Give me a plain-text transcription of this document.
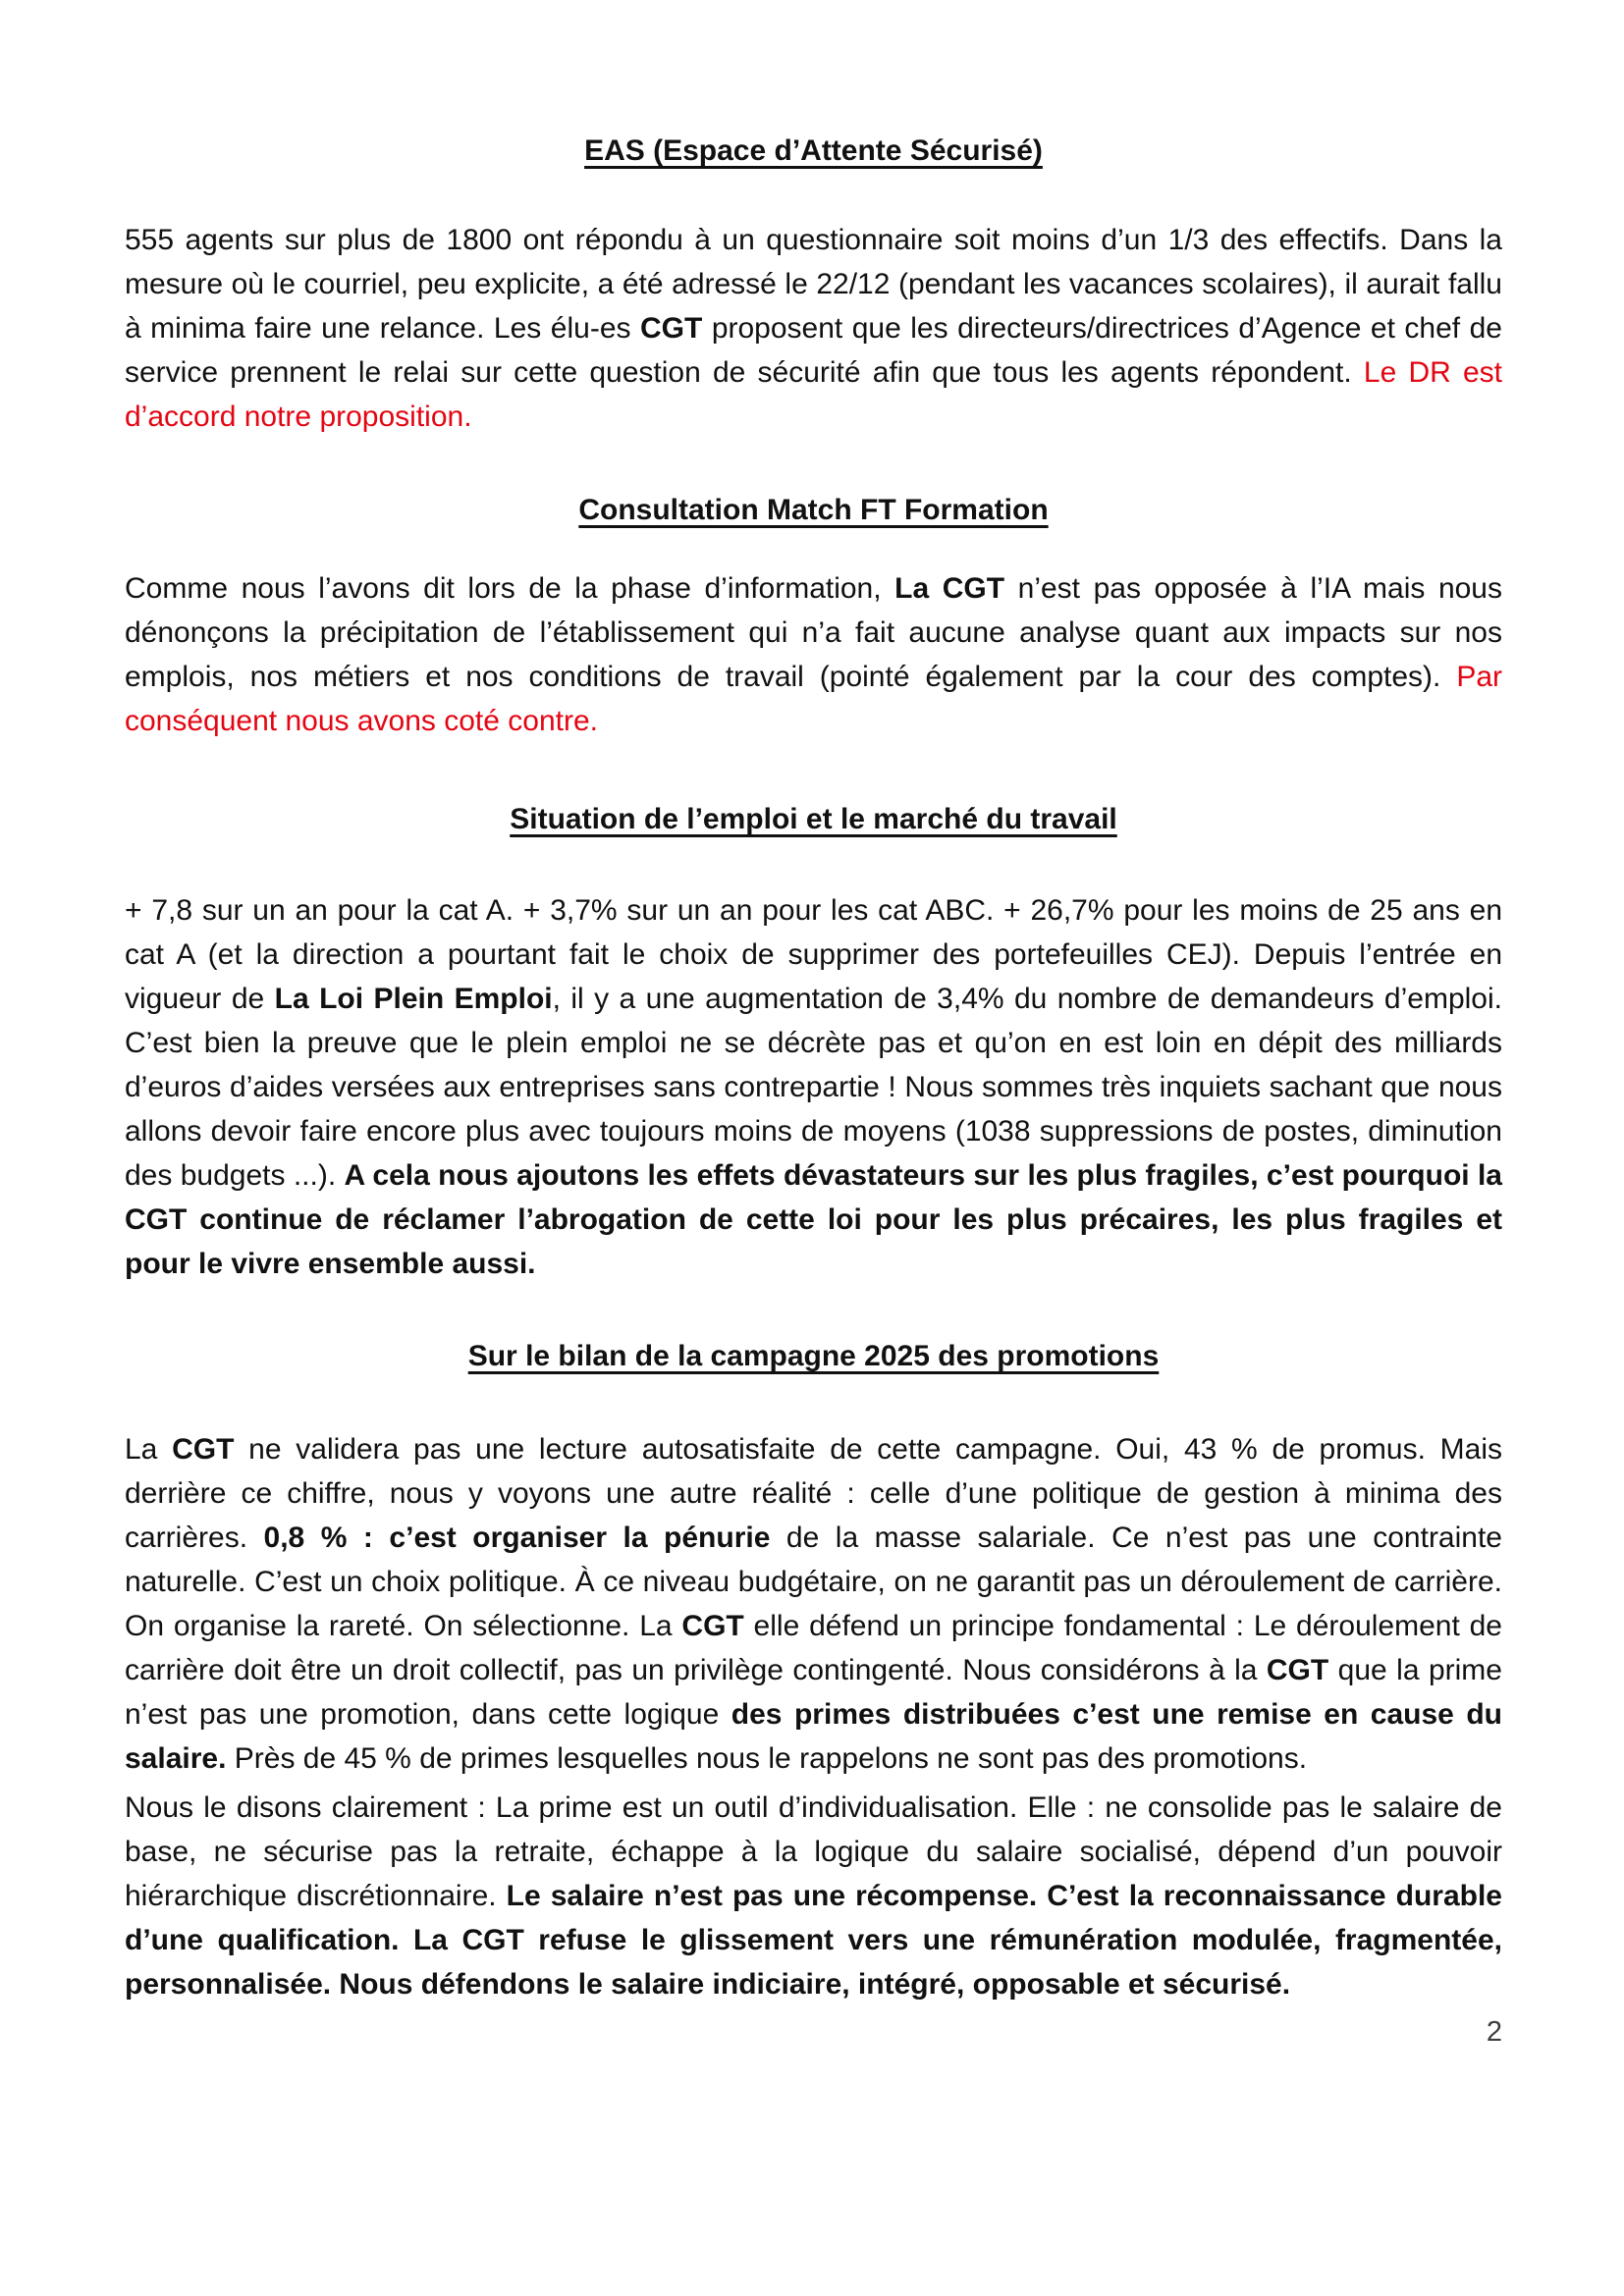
EAS (Espace d’Attente Sécurisé)

555 agents sur plus de 1800 ont répondu à un questionnaire soit moins d’un 1/3 des effectifs. Dans la mesure où le courriel, peu explicite, a été adressé le 22/12 (pendant les vacances scolaires), il aurait fallu à minima faire une relance. Les élu-es CGT proposent que les directeurs/directrices d’Agence et chef de service prennent le relai sur cette question de sécurité afin que tous les agents répondent. Le DR est d’accord notre proposition.

Consultation Match FT Formation

Comme nous l’avons dit lors de la phase d’information, La CGT n’est pas opposée à l’IA mais nous dénonçons la précipitation de l’établissement qui n’a fait aucune analyse quant aux impacts sur nos emplois, nos métiers et nos conditions de travail (pointé également par la cour des comptes). Par conséquent nous avons coté contre.

Situation de l’emploi et le marché du travail

+ 7,8 sur un an pour la cat A. + 3,7% sur un an pour les cat ABC. + 26,7% pour les moins de 25 ans en cat A (et la direction a pourtant fait le choix de supprimer des portefeuilles CEJ). Depuis l’entrée en vigueur de La Loi Plein Emploi, il y a une augmentation de 3,4% du nombre de demandeurs d’emploi. C’est bien la preuve que le plein emploi ne se décrète pas et qu’on en est loin en dépit des milliards d’euros d’aides versées aux entreprises sans contrepartie ! Nous sommes très inquiets sachant que nous allons devoir faire encore plus avec toujours moins de moyens (1038 suppressions de postes, diminution des budgets ...). A cela nous ajoutons les effets dévastateurs sur les plus fragiles, c’est pourquoi la CGT continue de réclamer l’abrogation de cette loi pour les plus précaires, les plus fragiles et pour le vivre ensemble aussi.

Sur le bilan de la campagne 2025 des promotions

La CGT ne validera pas une lecture autosatisfaite de cette campagne. Oui, 43 % de promus. Mais derrière ce chiffre, nous y voyons une autre réalité : celle d’une politique de gestion à minima des carrières. 0,8 % : c’est organiser la pénurie de la masse salariale. Ce n’est pas une contrainte naturelle. C’est un choix politique. À ce niveau budgétaire, on ne garantit pas un déroulement de carrière. On organise la rareté. On sélectionne. La CGT elle défend un principe fondamental : Le déroulement de carrière doit être un droit collectif, pas un privilège contingenté. Nous considérons à la CGT que la prime n’est pas une promotion, dans cette logique des primes distribuées c’est une remise en cause du salaire. Près de 45 % de primes lesquelles nous le rappelons ne sont pas des promotions.

Nous le disons clairement : La prime est un outil d’individualisation. Elle : ne consolide pas le salaire de base, ne sécurise pas la retraite, échappe à la logique du salaire socialisé, dépend d’un pouvoir hiérarchique discrétionnaire. Le salaire n’est pas une récompense. C’est la reconnaissance durable d’une qualification. La CGT refuse le glissement vers une rémunération modulée, fragmentée, personnalisée. Nous défendons le salaire indiciaire, intégré, opposable et sécurisé.

2
